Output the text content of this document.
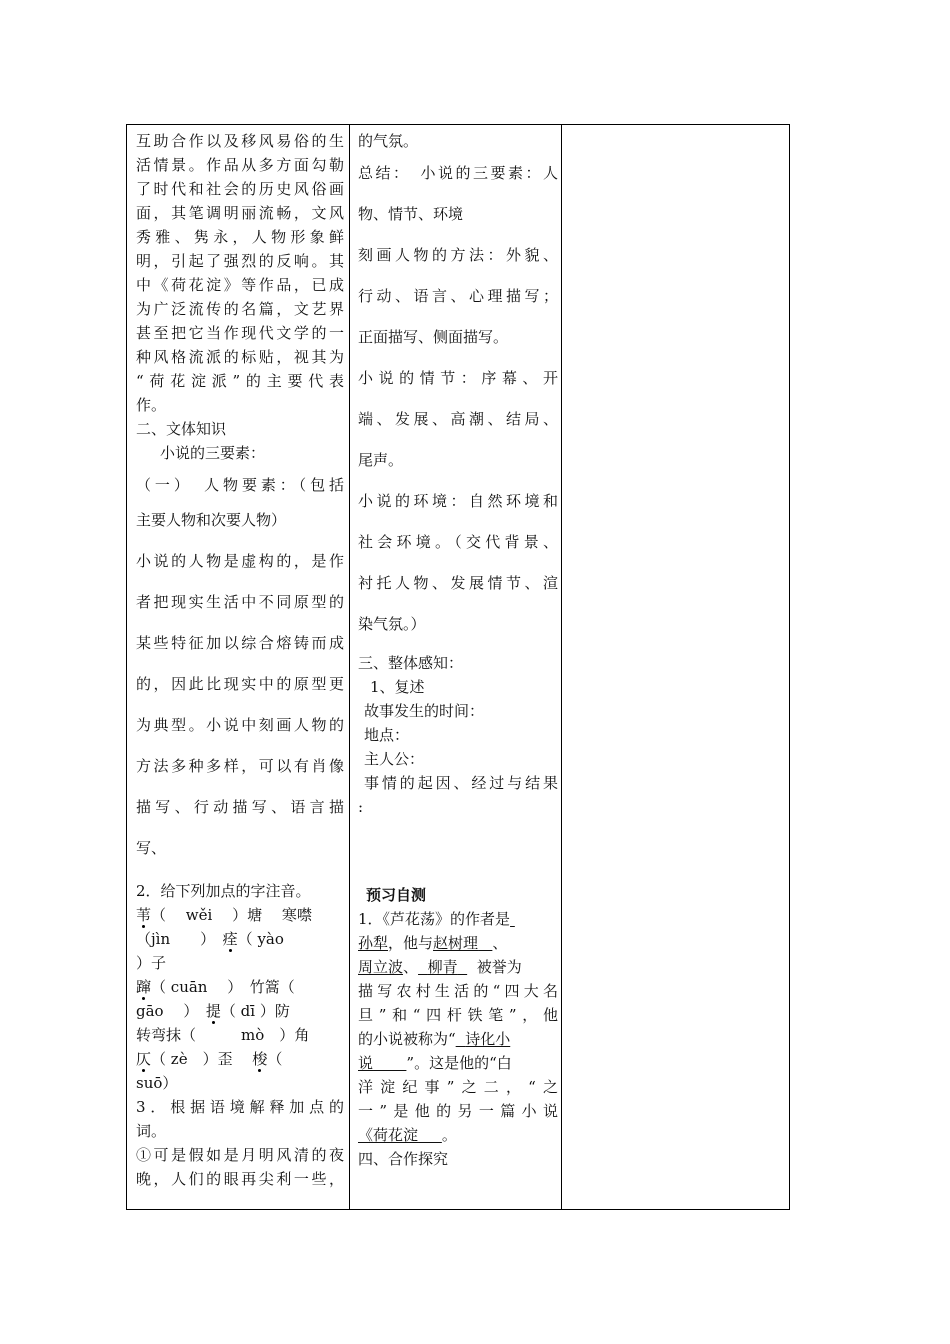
互助合作以及移风易俗的生
活情景。作品从多方面勾勒
了时代和社会的历史风俗画
面，其笔调明丽流畅，文风
秀雅、隽永，人物形象鲜
明，引起了强烈的反响。其
中《荷花淀》等作品，已成
为广泛流传的名篇，文艺界
甚至把它当作现代文学的一
种风格流派的标贴，视其为
“荷花淀派”的主要代表
作。
二、文体知识
小说的三要素：
（一）　人物要素：（包括
主要人物和次要人物）
小说的人物是虚构的，是作
者把现实生活中不同原型的
某些特征加以综合熔铸而成
的，因此比现实中的原型更
为典型。小说中刻画人物的
方法多种多样，可以有肖像
描写、行动描写、语言描
写、
2．给下列加点的字注音。
苇（　 wěi　 ）塘　 寒噤
（jìn　　）　痊（ yào
）子
蹿（ cuān　 ）　竹篙（
gāo　 ）　提（ dī ）防
转弯抹（　　　mò　）角
仄（ zè　）歪　 梭（
suō）
3．根据语境解释加点的
词。
①可是假如是月明风清的夜
晚，人们的眼再尖利一些，
的气氛。
总结：　小说的三要素：人
物、情节、环境
刻画人物的方法：外貌、
行动、语言、心理描写；
正面描写、侧面描写。
小说的情节：序幕、开
端、发展、高潮、结局、
尾声。
小说的环境：自然环境和
社会环境。（交代背景、
衬托人物、发展情节、渲
染气氛。）
三、整体感知：
1、复述
故事发生的时间：
地点：
主人公：
事情的起因、经过与结果
:
预习自测
1．《芦花荡》的作者是
孙犁，他与赵树理 、
周立波、 柳青 被誉为
描写农村生活的“四大名
旦”和“四杆铁笔”，他
的小说被称为“ 诗化小
说 ”。这是他的“白
洋淀纪事”之二，“之
一”是他的另一篇小说
《荷花淀 。
四、合作探究
